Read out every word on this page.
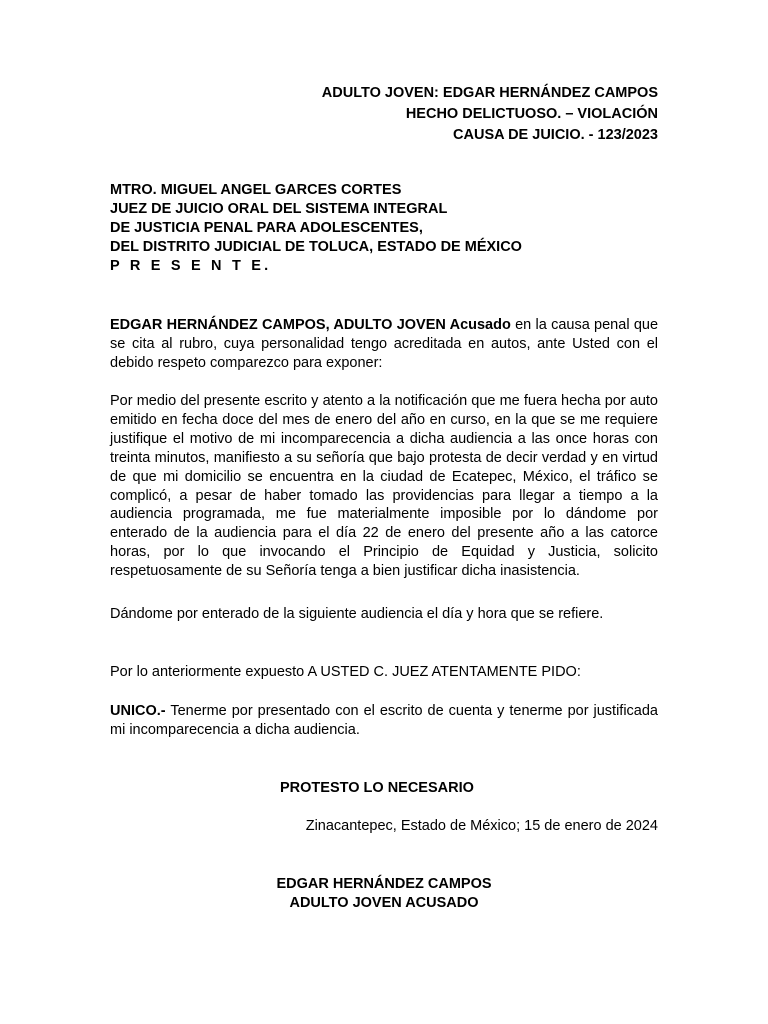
ADULTO JOVEN: EDGAR HERNÁNDEZ CAMPOS
HECHO DELICTUOSO. – VIOLACIÓN
CAUSA DE JUICIO. - 123/2023
MTRO. MIGUEL ANGEL GARCES CORTES
JUEZ DE JUICIO ORAL DEL SISTEMA INTEGRAL
DE JUSTICIA PENAL PARA ADOLESCENTES,
DEL DISTRITO JUDICIAL DE TOLUCA, ESTADO DE MÉXICO
P R E S E N T E.

EDGAR HERNÁNDEZ CAMPOS, ADULTO JOVEN Acusado en la causa penal que se cita al rubro, cuya personalidad tengo acreditada en autos, ante Usted con el debido respeto comparezco para exponer:

Por medio del presente escrito y atento a la notificación que me fuera hecha por auto emitido en fecha doce del mes de enero del año en curso, en la que se me requiere justifique el motivo de mi incomparecencia a dicha audiencia a las once horas con treinta minutos, manifiesto a su señoría que bajo protesta de decir verdad y en virtud de que mi domicilio se encuentra en la ciudad de Ecatepec, México, el tráfico se complicó, a pesar de haber tomado las providencias para llegar a tiempo a la audiencia programada, me fue materialmente imposible por lo dándome por enterado de la audiencia para el día 22 de enero del presente año a las catorce horas, por lo que invocando el Principio de Equidad y Justicia, solicito respetuosamente de su Señoría tenga a bien justificar dicha inasistencia.

Dándome por enterado de la siguiente audiencia el día y hora que se refiere.

Por lo anteriormente expuesto A USTED C. JUEZ ATENTAMENTE PIDO:

UNICO.- Tenerme por presentado con el escrito de cuenta y tenerme por justificada mi incomparecencia a dicha audiencia.

PROTESTO LO NECESARIO
Zinacantepec, Estado de México; 15 de enero de 2024
EDGAR HERNÁNDEZ CAMPOS
ADULTO JOVEN ACUSADO
